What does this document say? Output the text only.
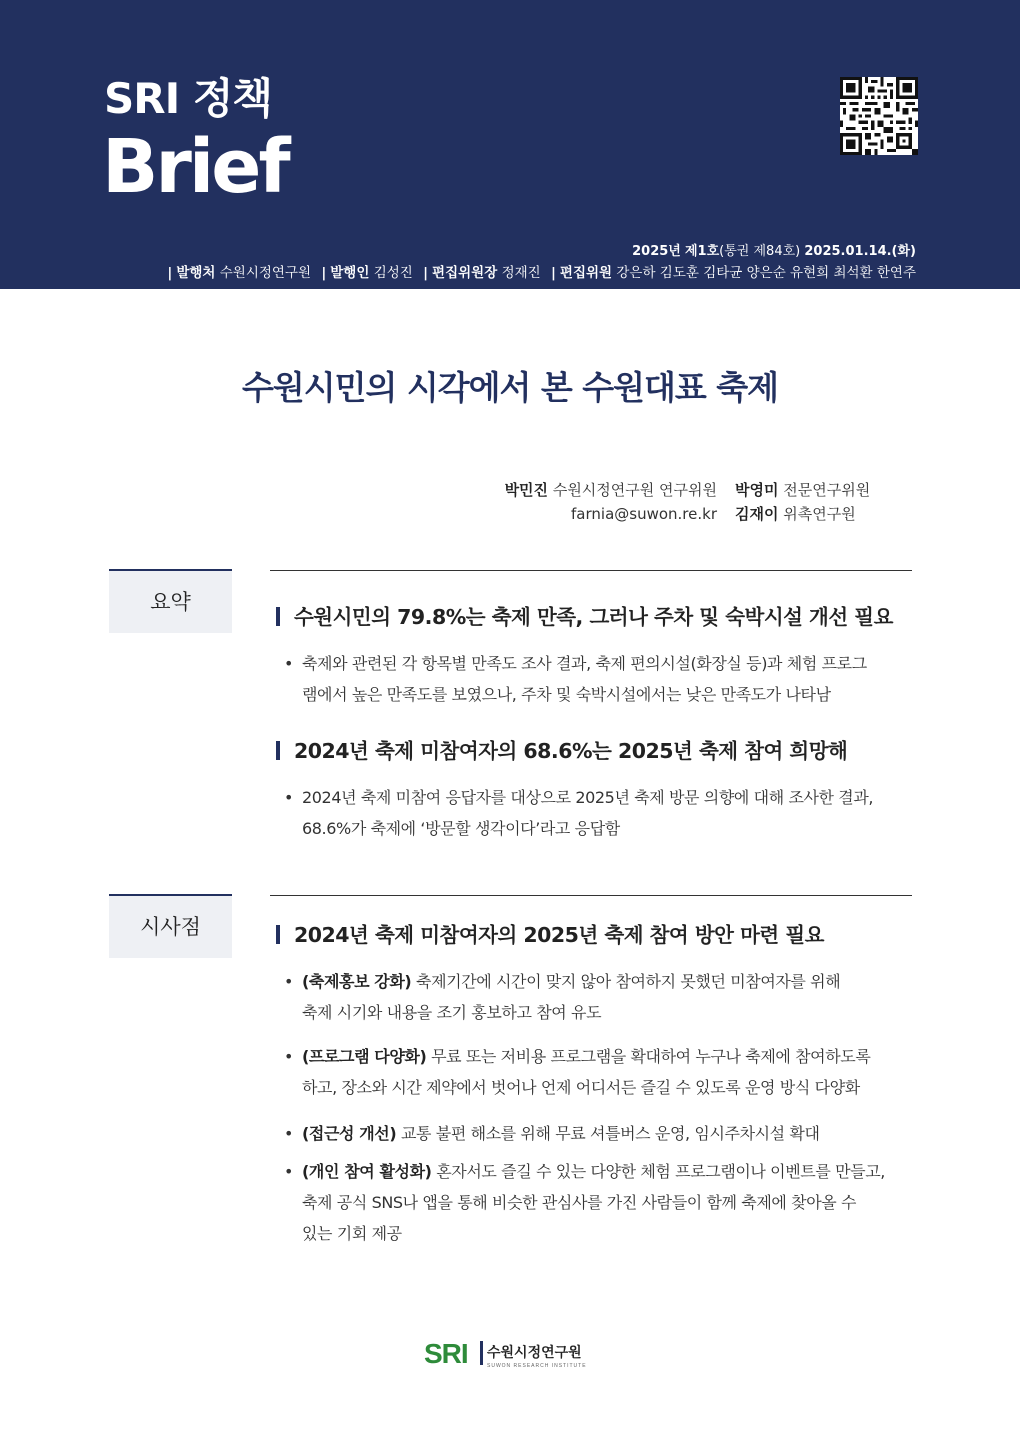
SRI 정책
Brief
2025년 제1호(통권 제84호) 2025.01.14.(화)
| 발행처 수원시정연구원 | 발행인 김성진 | 편집위원장 정재진 | 편집위원 강은하 김도훈 김타균 양은순 유현희 최석환 한연주
수원시민의 시각에서 본 수원대표 축제
박민진 수원시정연구원 연구위원 박영미 전문연구위원
farnia@suwon.re.kr 김재이 위촉연구원
요약
수원시민의 79.8%는 축제 만족, 그러나 주차 및 숙박시설 개선 필요
• 축제와 관련된 각 항목별 만족도 조사 결과, 축제 편의시설(화장실 등)과 체험 프로그
램에서 높은 만족도를 보였으나, 주차 및 숙박시설에서는 낮은 만족도가 나타남
2024년 축제 미참여자의 68.6%는 2025년 축제 참여 희망해
• 2024년 축제 미참여 응답자를 대상으로 2025년 축제 방문 의향에 대해 조사한 결과,
68.6%가 축제에 ‘방문할 생각이다’라고 응답함
시사점	2024년 축제 미참여자의 2025년 축제 참여 방안 마련 필요
• (축제홍보 강화) 축제기간에 시간이 맞지 않아 참여하지 못했던 미참여자를 위해
축제 시기와 내용을 조기 홍보하고 참여 유도
• (프로그램 다양화) 무료 또는 저비용 프로그램을 확대하여 누구나 축제에 참여하도록
하고, 장소와 시간 제약에서 벗어나 언제 어디서든 즐길 수 있도록 운영 방식 다양화
• (접근성 개선) 교통 불편 해소를 위해 무료 셔틀버스 운영, 임시주차시설 확대
• (개인 참여 활성화) 혼자서도 즐길 수 있는 다양한 체험 프로그램이나 이벤트를 만들고,
축제 공식 SNS나 앱을 통해 비슷한 관심사를 가진 사람들이 함께 축제에 찾아올 수
있는 기회 제공
SRI 수원시정연구원
SUWON RESEARCH INSTITUTE
